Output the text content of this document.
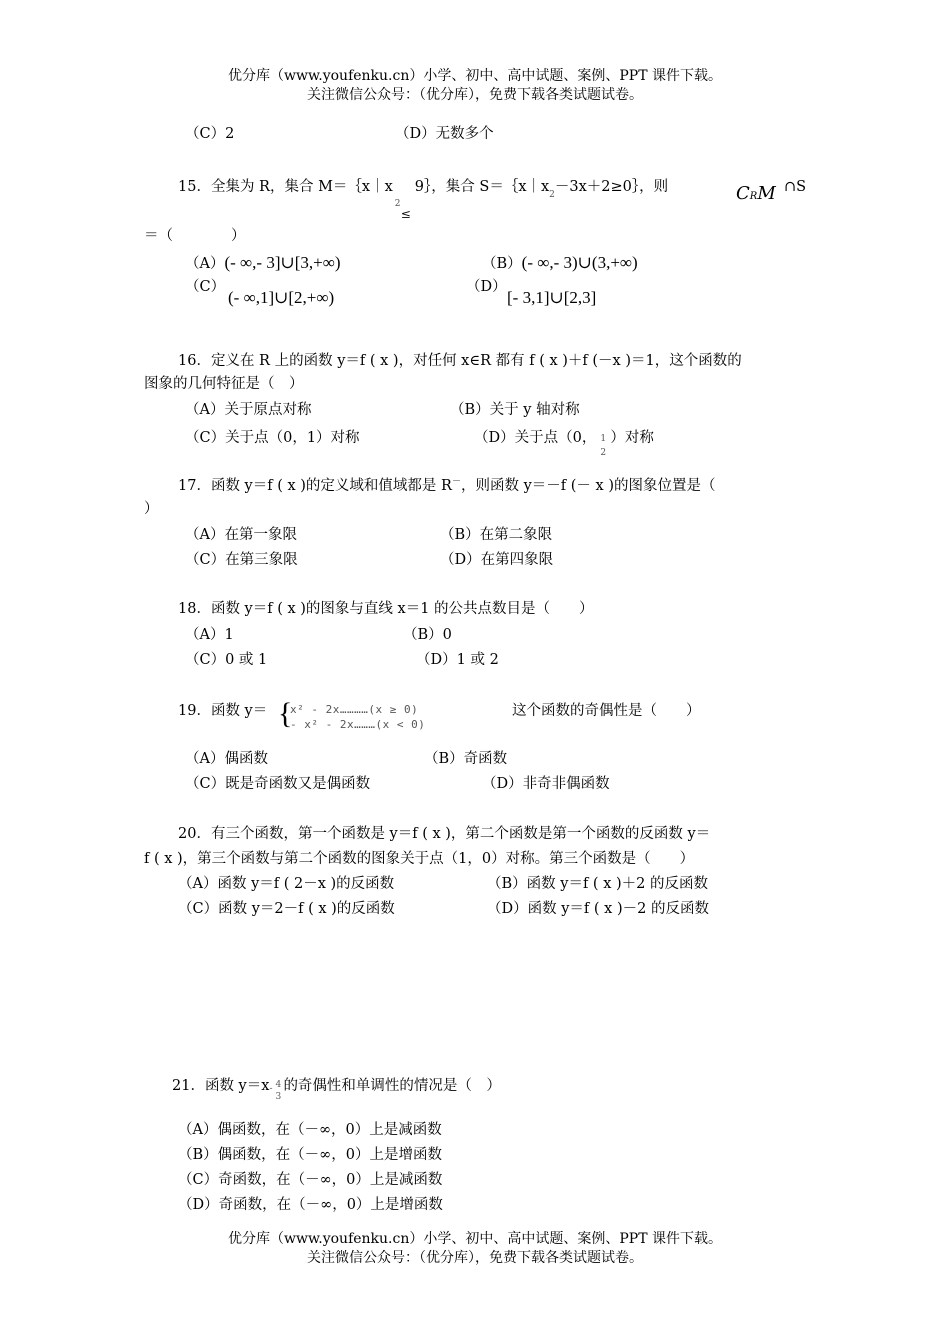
优分库（www.youfenku.cn）小学、初中、高中试题、案例、PPT 课件下载。
关注微信公众号：（优分库），免费下载各类试题试卷。
（C）2	（D）无数多个
15．全集为 R，集合 M＝｛x｜x
2
≤
9｝，集合 $S=\{x|x_2-3x+2\ge 0\}$，则	CRM ∩S
＝（　　　　）
（A）(- ∞,- 3]∪[3,+∞)	（B）(- ∞,- 3)∪(3,+∞)
（C）
(- ∞,1]∪[2,+∞)
（D）
[- 3,1]∪[2,3]
16．定义在 R 上的函数 y＝f ( x )，对任何 x∈R 都有 f ( x )＋f (－x )＝1，这个函数的
图象的几何特征是（　）
（A）关于原点对称	（B）关于 y 轴对称
（C）关于点（0，1）对称	（D）关于点（0， 1
2
）对称
17．函数 y＝f ( x )的定义域和值域都是 R－，则函数 y＝－f (－ x )的图象位置是（
）
（A）在第一象限	（B）在第二象限
（C）在第三象限	（D）在第四象限
18．函数 y＝f ( x )的图象与直线 x＝1 的公共点数目是（　　）
（A）1	（B）0
（C）0 或 1	（D）1 或 2
19．函数 y＝ {
x² - 2x…………(x ≥ 0)
- x² - 2x………(x < 0)
这个函数的奇偶性是（　　）
（A）偶函数	（B）奇函数
（C）既是奇函数又是偶函数	（D）非奇非偶函数
20．有三个函数，第一个函数是 y＝f ( x )，第二个函数是第一个函数的反函数 y＝
f ( x )，第三个函数与第二个函数的图象关于点（1，0）对称。第三个函数是（　　）
（A）函数 y＝f ( 2－x )的反函数	（B）函数 y＝f ( x )＋2 的反函数
（C）函数 y＝2－f ( x )的反函数	（D）函数 y＝f ( x )－2 的反函数
21．函数 y＝x - 4
3
的奇偶性和单调性的情况是（　）
（A）偶函数，在（－∞，0）上是减函数
（B）偶函数，在（－∞，0）上是增函数
（C）奇函数，在（－∞，0）上是减函数
（D）奇函数，在（－∞，0）上是增函数
优分库（www.youfenku.cn）小学、初中、高中试题、案例、PPT 课件下载。
关注微信公众号：（优分库），免费下载各类试题试卷。
